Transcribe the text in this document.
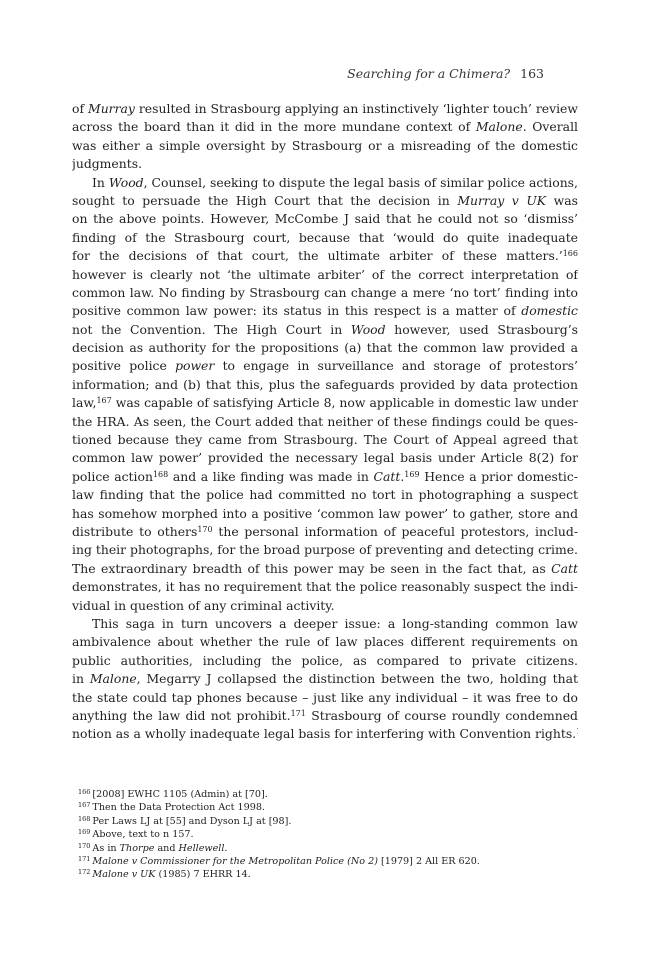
Searching for a Chimera? 163
of Murray resulted in Strasbourg applying an instinctively ‘lighter touch’ review
across the board than it did in the more mundane context of Malone. Overall
was either a simple oversight by Strasbourg or a misreading of the domestic
judgments.
In Wood, Counsel, seeking to dispute the legal basis of similar police actions,
sought to persuade the High Court that the decision in Murray v UK was
on the above points. However, McCombe J said that he could not so ‘dismiss’
finding of the Strasbourg court, because that ‘would do quite inadequate
for the decisions of that court, the ultimate arbiter of these matters.’$^{166}$
however is clearly not ‘the ultimate arbiter’ of the correct interpretation of
common law. No finding by Strasbourg can change a mere ‘no tort’ finding into
positive common law power: its status in this respect is a matter of domestic
not the Convention. The High Court in Wood however, used Strasbourg’s
decision as authority for the propositions (a) that the common law provided a
positive police power to engage in surveillance and storage of protestors’
information; and (b) that this, plus the safeguards provided by data protection
law,$^{167}$ was capable of satisfying Article 8, now applicable in domestic law under
the HRA. As seen, the Court added that neither of these findings could be ques-
tioned because they came from Strasbourg. The Court of Appeal agreed that
common law power’ provided the necessary legal basis under Article 8(2) for
police action$^{168}$ and a like finding was made in Catt.$^{169}$ Hence a prior domestic-
law finding that the police had committed no tort in photographing a suspect
has somehow morphed into a positive ‘common law power’ to gather, store and
distribute to others$^{170}$ the personal information of peaceful protestors, includ-
ing their photographs, for the broad purpose of preventing and detecting crime.
The extraordinary breadth of this power may be seen in the fact that, as Catt
demonstrates, it has no requirement that the police reasonably suspect the indi-
vidual in question of any criminal activity.
This saga in turn uncovers a deeper issue: a long-standing common law
ambivalence about whether the rule of law places different requirements on
public authorities, including the police, as compared to private citizens.
in Malone, Megarry J collapsed the distinction between the two, holding that
the state could tap phones because – just like any individual – it was free to do
anything the law did not prohibit.$^{171}$ Strasbourg of course roundly condemned
notion as a wholly inadequate legal basis for interfering with Convention rights.
$^{166}$ [2008] EWHC 1105 (Admin) at [70].
$^{167}$ Then the Data Protection Act 1998.
$^{168}$ Per Laws LJ at [55] and Dyson LJ at [98].
$^{169}$ Above, text to n 157.
$^{170}$ As in Thorpe and Hellewell.
$^{171}$ Malone v Commissioner for the Metropolitan Police (No 2) [1979] 2 All ER 620.
$^{172}$ Malone v UK (1985) 7 EHRR 14.
